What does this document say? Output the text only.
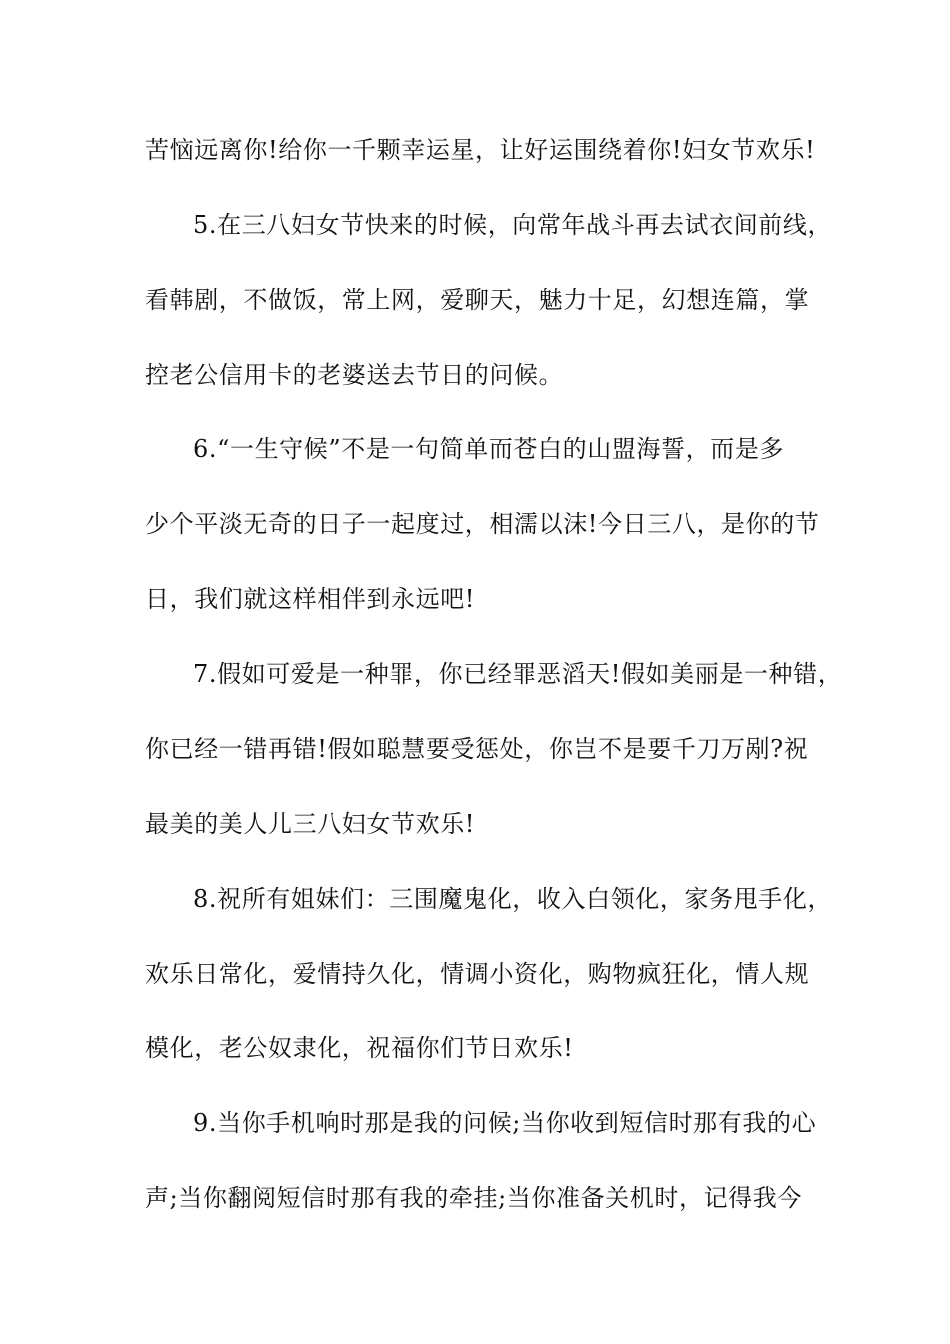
苦恼远离你!给你一千颗幸运星，让好运围绕着你!妇女节欢乐!
5.在三八妇女节快来的时候，向常年战斗再去试衣间前线，
看韩剧，不做饭，常上网，爱聊天，魅力十足，幻想连篇，掌
控老公信用卡的老婆送去节日的问候。
6.“一生守候”不是一句简单而苍白的山盟海誓，而是多
少个平淡无奇的日子一起度过，相濡以沫!今日三八，是你的节
日，我们就这样相伴到永远吧!
7.假如可爱是一种罪，你已经罪恶滔天!假如美丽是一种错，
你已经一错再错!假如聪慧要受惩处，你岂不是要千刀万剐?祝
最美的美人儿三八妇女节欢乐!
8.祝所有姐妹们：三围魔鬼化，收入白领化，家务甩手化，
欢乐日常化，爱情持久化，情调小资化，购物疯狂化，情人规
模化，老公奴隶化，祝福你们节日欢乐!
9.当你手机响时那是我的问候;当你收到短信时那有我的心
声;当你翻阅短信时那有我的牵挂;当你准备关机时，记得我今
